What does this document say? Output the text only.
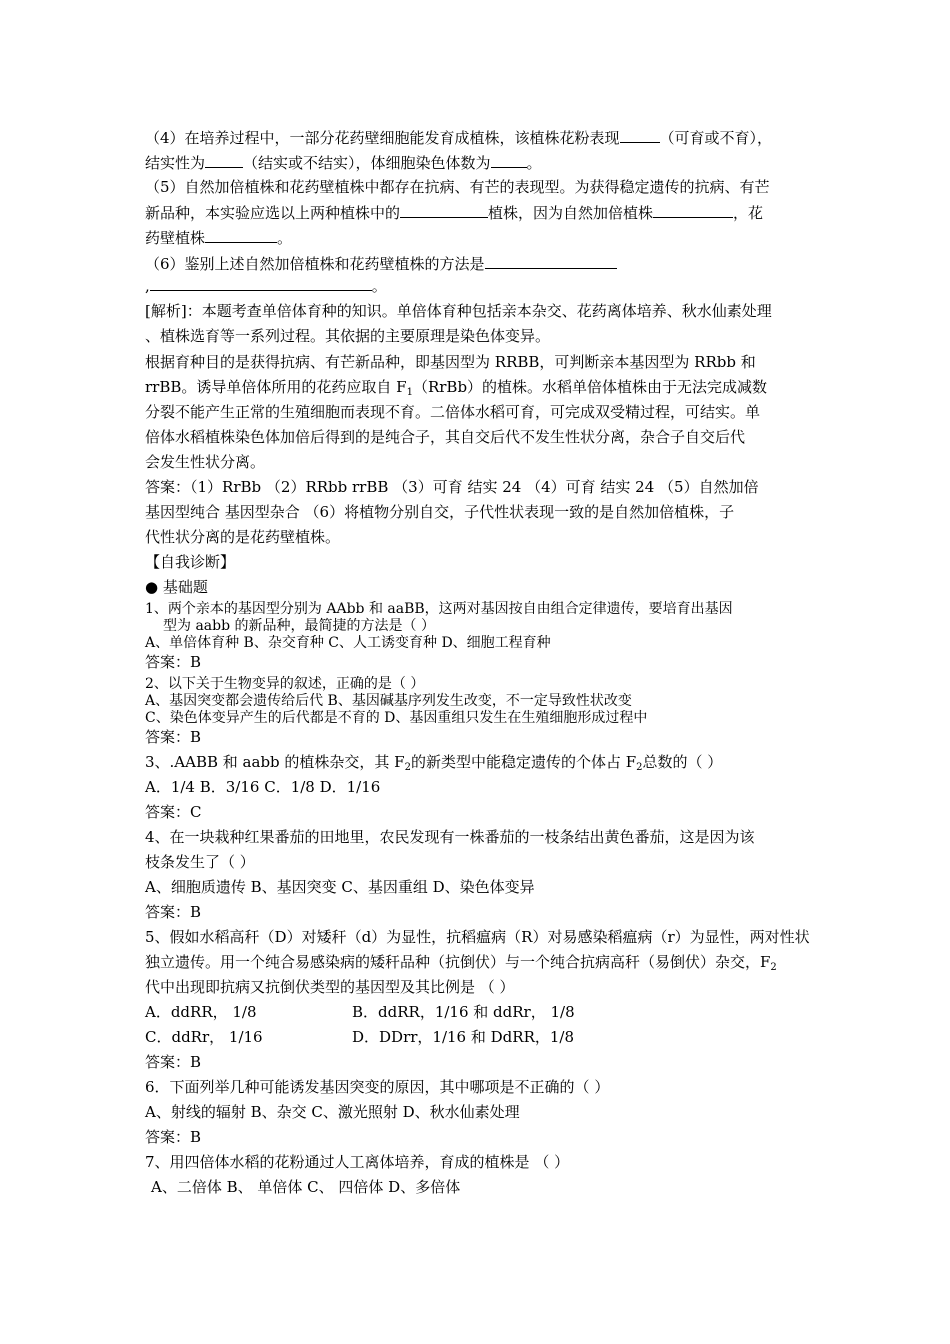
（4）在培养过程中，一部分花药壁细胞能发育成植株，该植株花粉表现	（可育或不育），
结实性为	（结实或不结实），体细胞染色体数为 。
（5）自然加倍植株和花药壁植株中都存在抗病、有芒的表现型。为获得稳定遗传的抗病、有芒
新品种，本实验应选以上两种植株中的	植株，因为自然加倍植株	，花
药壁植株	。
（6）鉴别上述自然加倍植株和花药壁植株的方法是
,	。
[解析]：本题考查单倍体育种的知识。单倍体育种包括亲本杂交、花药离体培养、秋水仙素处理
、植株选育等一系列过程。其依据的主要原理是染色体变异。
根据育种目的是获得抗病、有芒新品种，即基因型为 RRBB，可判断亲本基因型为 RRbb 和
rrBB。诱导单倍体所用的花药应取自 $F_1(RrBb)$的植株。水稻单倍体植株由于无法完成减数
分裂不能产生正常的生殖细胞而表现不育。二倍体水稻可育，可完成双受精过程，可结实。单
倍体水稻植株染色体加倍后得到的是纯合子，其自交后代不发生性状分离，杂合子自交后代
会发生性状分离。
答案：（1）RrBb （2）RRbb rrBB （3）可育 结实 24 （4）可育 结实 24 （5）自然加倍
基因型纯合 基因型杂合 （6）将植物分别自交，子代性状表现一致的是自然加倍植株，子
代性状分离的是花药壁植株。
【自我诊断】
● 基础题
1、两个亲本的基因型分别为 AAbb 和 aaBB，这两对基因按自由组合定律遗传，要培育出基因
型为 aabb 的新品种，最简捷的方法是（ ）
A、单倍体育种 B、杂交育种 C、人工诱变育种 D、细胞工程育种
答案：B
2、以下关于生物变异的叙述，正确的是（ ）
A、基因突变都会遗传给后代 B、基因碱基序列发生改变，不一定导致性状改变
C、染色体变异产生的后代都是不育的 D、基因重组只发生在生殖细胞形成过程中
答案：B
3、.AABB 和 aabb 的植株杂交，其 $F_2$的新类型中能稳定遗传的个体占 $F_2$总数的（ ）
A．1/4 B．3/16 C．1/8 D．1/16
答案：C
4、在一块栽种红果番茄的田地里，农民发现有一株番茄的一枝条结出黄色番茄，这是因为该
枝条发生了（ ）
A、细胞质遗传 B、基因突变 C、基因重组 D、染色体变异
答案：B
5、假如水稻高秆（D）对矮秆（d）为显性，抗稻瘟病（R）对易感染稻瘟病（r）为显性，两对性状
独立遗传。用一个纯合易感染病的矮秆品种（抗倒伏）与一个纯合抗病高秆（易倒伏）杂交，$F_2$
代中出现即抗病又抗倒伏类型的基因型及其比例是 （ ）
A．ddRR， 1/8	B．ddRR，1/16 和 ddRr， 1/8
C．ddRr， 1/16	D．DDrr，1/16 和 DdRR，1/8
答案：B
6．下面列举几种可能诱发基因突变的原因，其中哪项是不正确的（ ）
A、射线的辐射 B、杂交 C、激光照射 D、秋水仙素处理
答案：B
7、用四倍体水稻的花粉通过人工离体培养，育成的植株是 （ ）
A、二倍体 B、 单倍体 C、 四倍体 D、多倍体
